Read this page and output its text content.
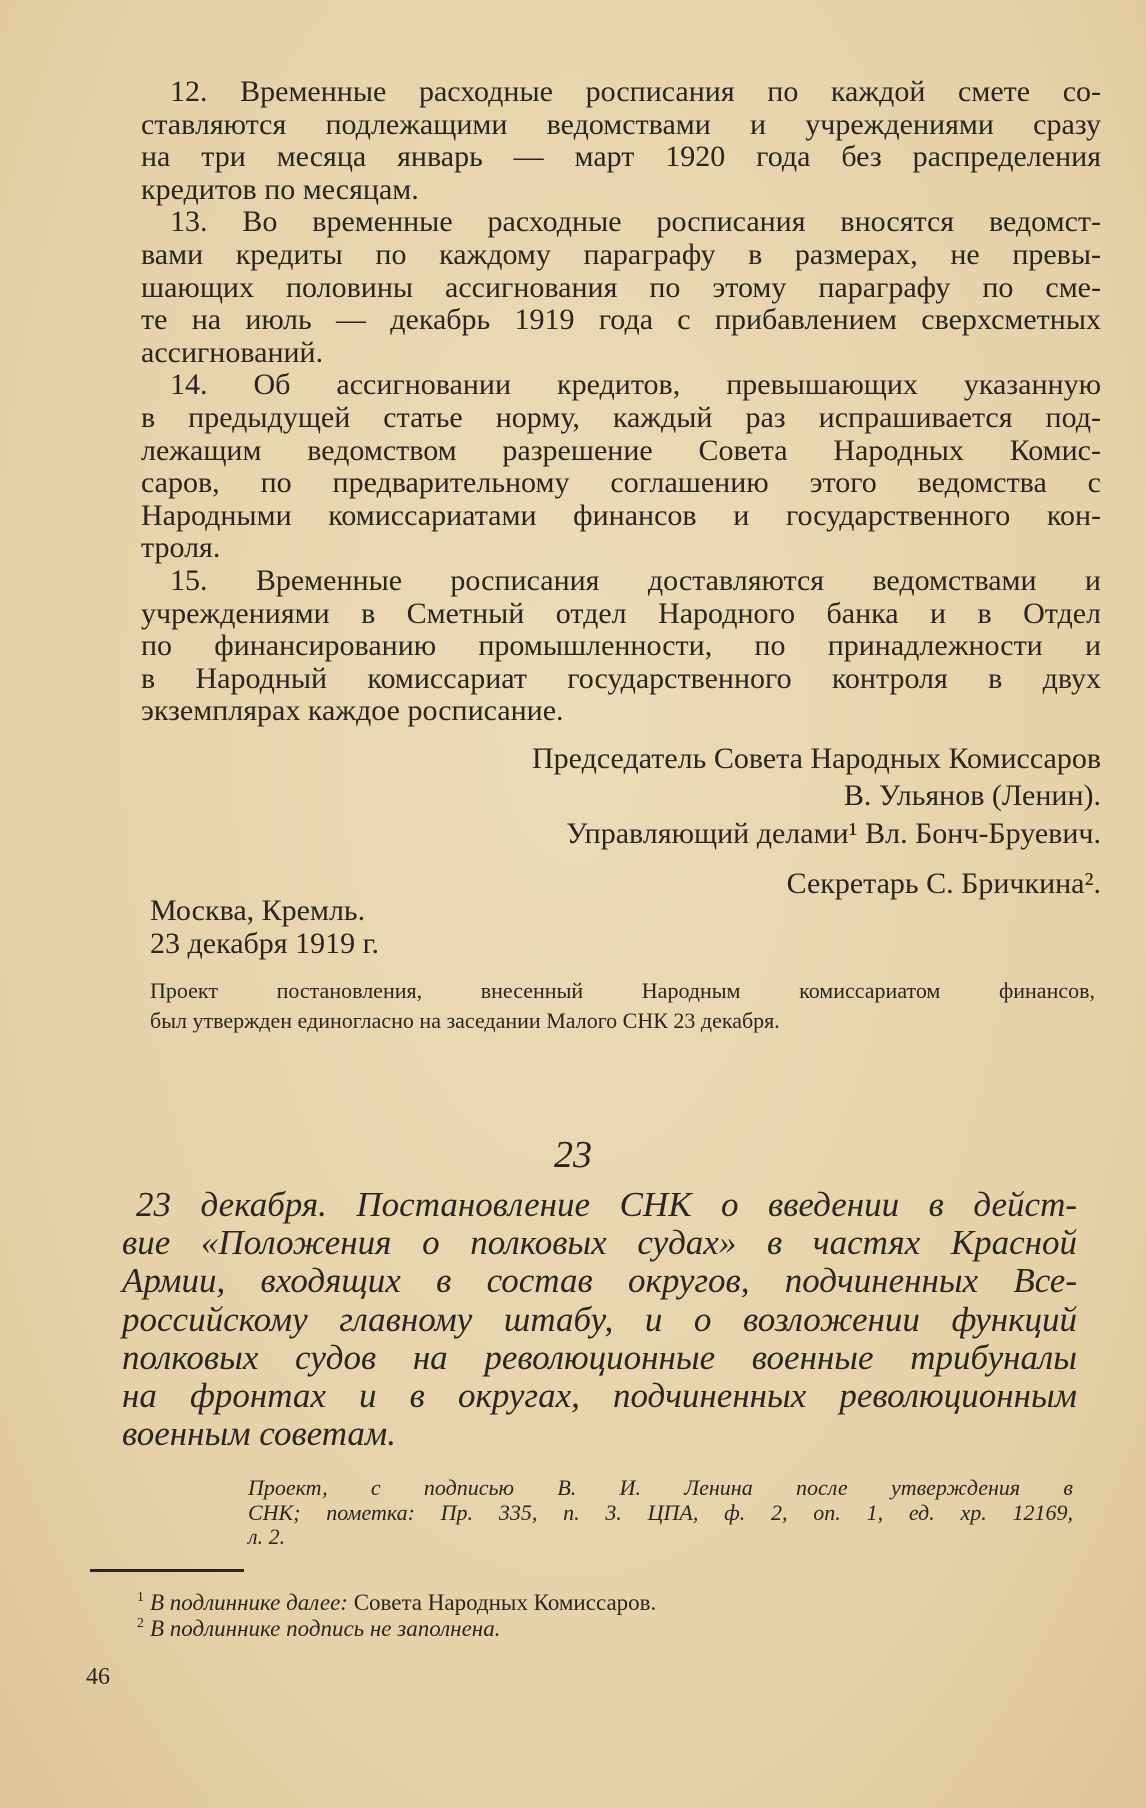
12. Временные расходные росписания по каждой смете со-
ставляются подлежащими ведомствами и учреждениями сразу
на три месяца январь — март 1920 года без распределения
кредитов по месяцам.
13. Во временные расходные росписания вносятся ведомст-
вами кредиты по каждому параграфу в размерах, не превы-
шающих половины ассигнования по этому параграфу по сме-
те на июль — декабрь 1919 года с прибавлением сверхсметных
ассигнований.
14. Об ассигновании кредитов, превышающих указанную
в предыдущей статье норму, каждый раз испрашивается под-
лежащим ведомством разрешение Совета Народных Комис-
саров, по предварительному соглашению этого ведомства с
Народными комиссариатами финансов и государственного кон-
троля.
15. Временные росписания доставляются ведомствами и
учреждениями в Сметный отдел Народного банка и в Отдел
по финансированию промышленности, по принадлежности и
в Народный комиссариат государственного контроля в двух
экземплярах каждое росписание.
Председатель Совета Народных Комиссаров
В. Ульянов (Ленин).
Управляющий делами¹ Вл. Бонч-Бруевич.
Секретарь С. Бричкина².
Москва, Кремль.
23 декабря 1919 г.
Проект постановления, внесенный Народным комиссариатом финансов,
был утвержден единогласно на заседании Малого СНК 23 декабря.
23
23 декабря. Постановление СНК о введении в дейст-
вие «Положения о полковых судах» в частях Красной
Армии, входящих в состав округов, подчиненных Все-
российскому главному штабу, и о возложении функций
полковых судов на революционные военные трибуналы
на фронтах и в округах, подчиненных революционным
военным советам.
Проект, с подписью В. И. Ленина после утверждения в
СНК; пометка: Пр. 335, п. 3. ЦПА, ф. 2, оп. 1, ед. хр. 12169,
л. 2.
$^1$ В подлиннике далее: Совета Народных Комиссаров.
$^2$ В подлиннике подпись не заполнена.
46
